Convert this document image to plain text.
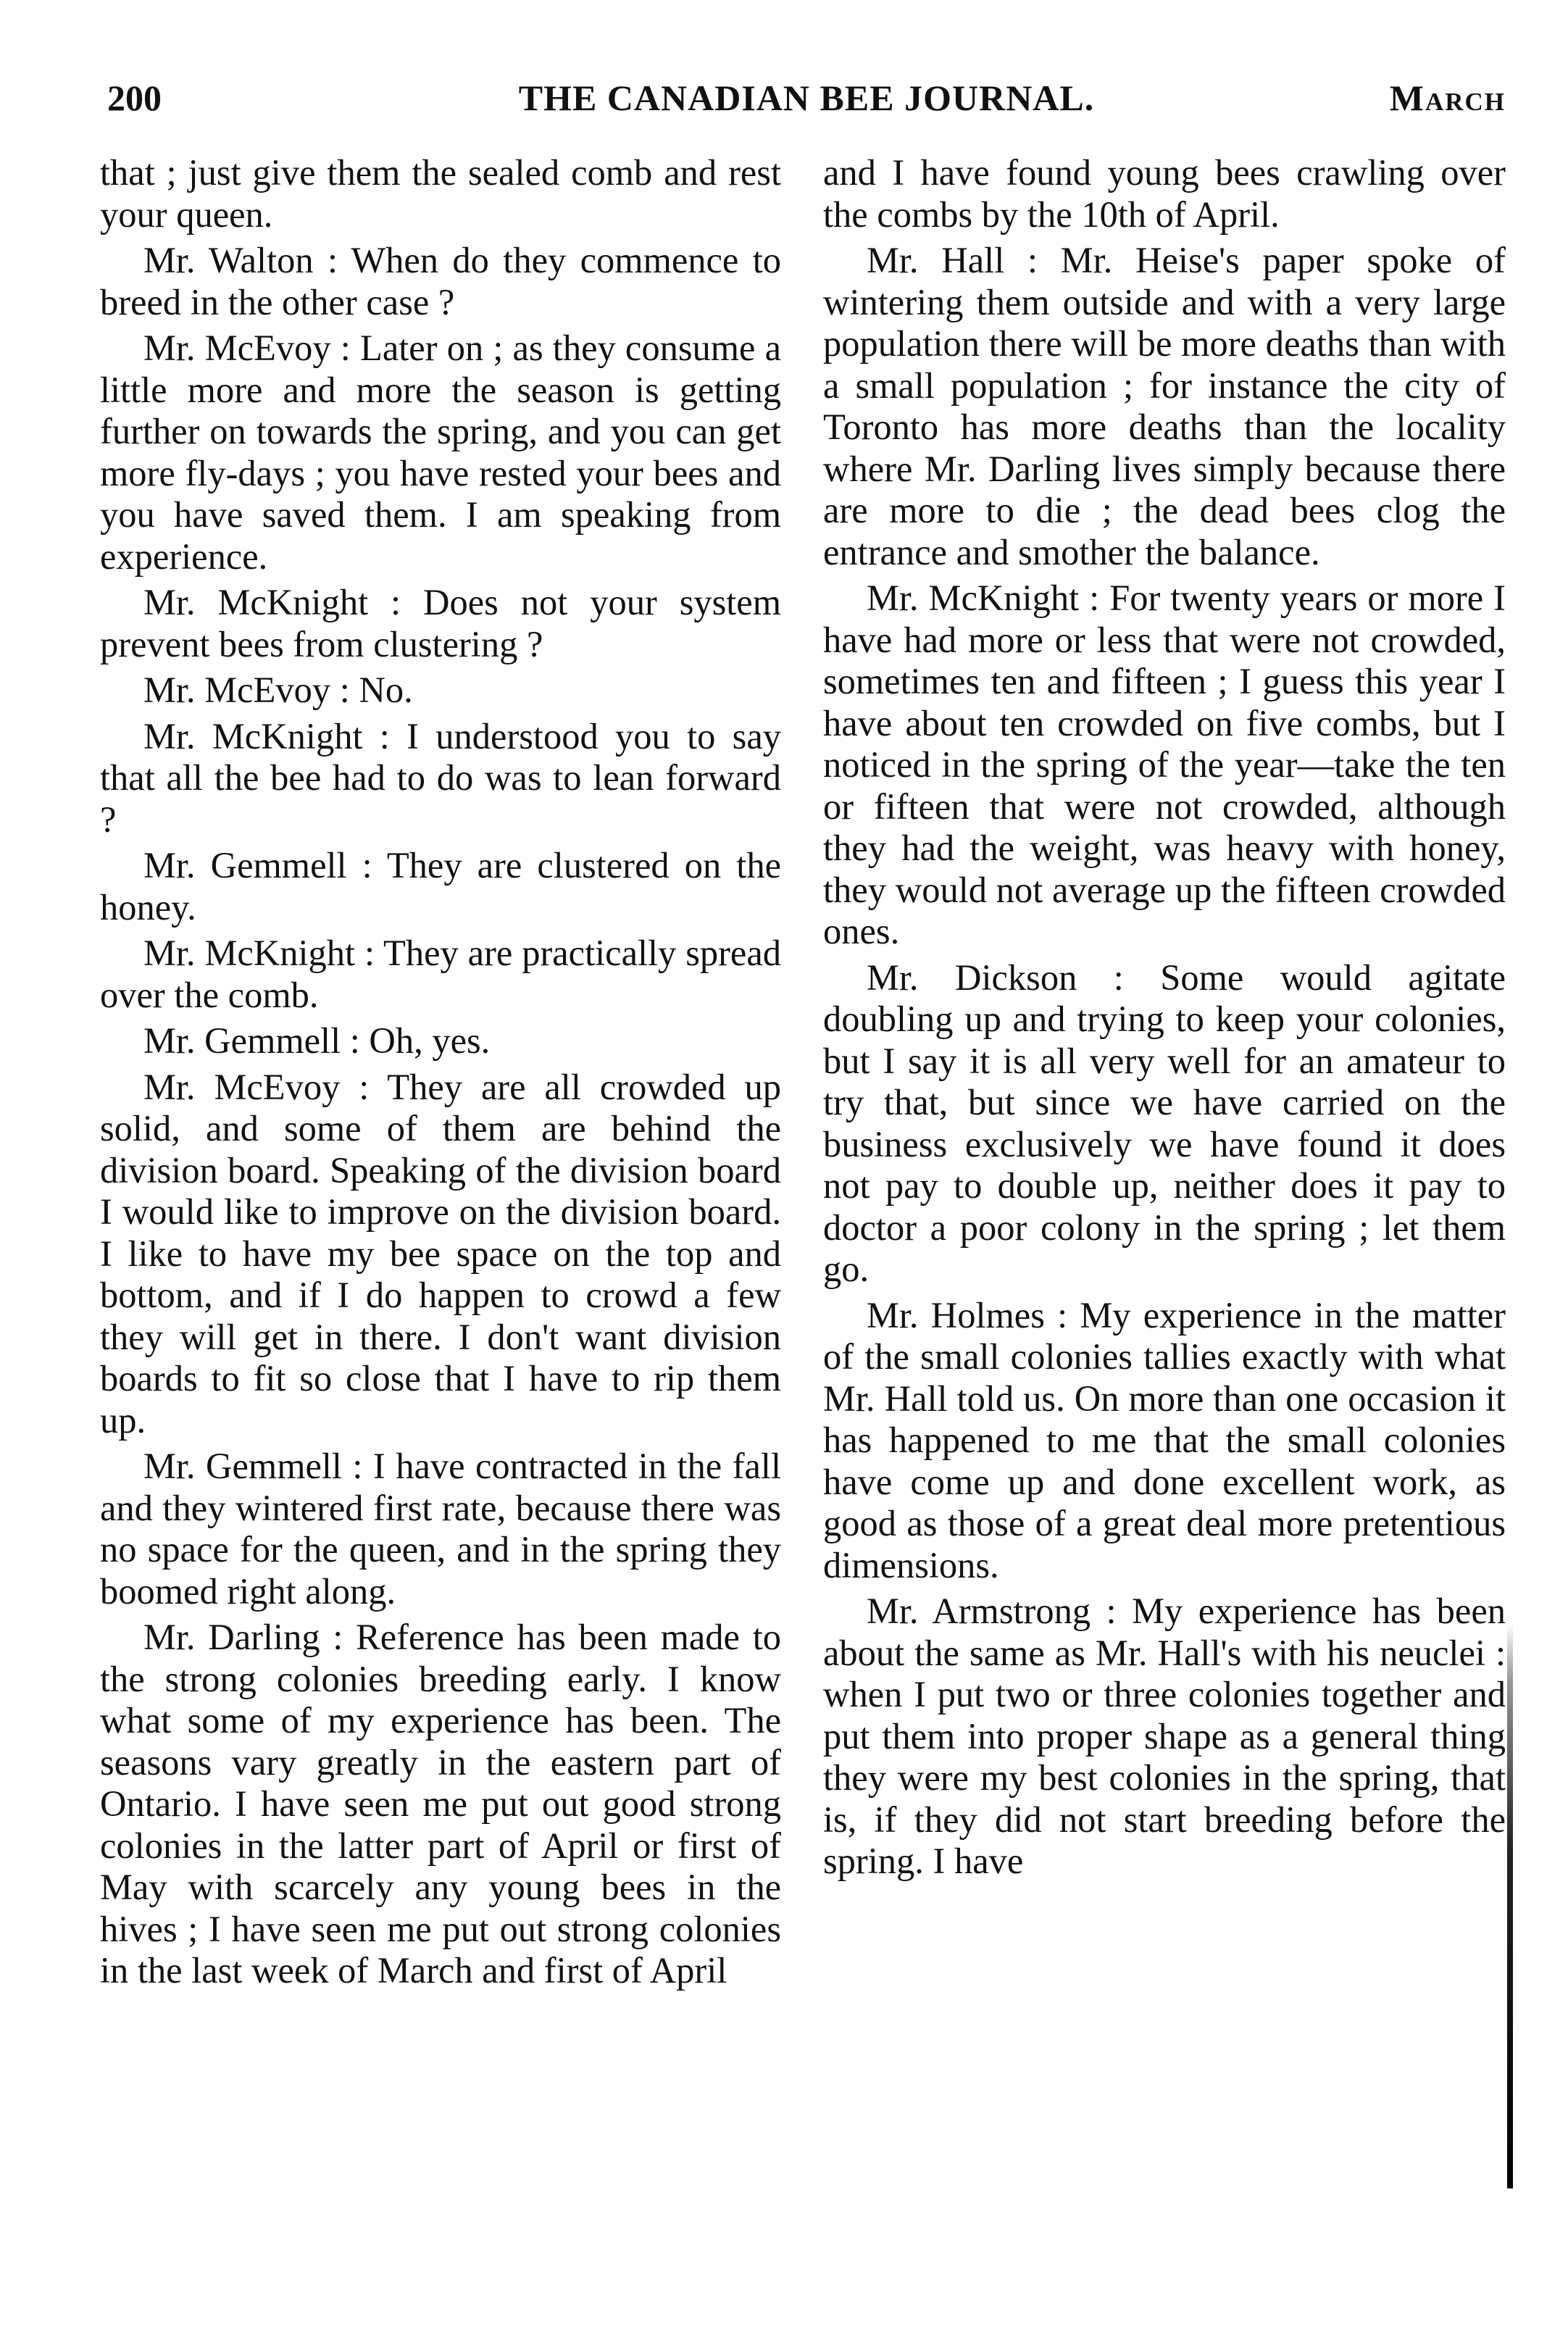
200	THE CANADIAN BEE JOURNAL.	March

that ; just give them the sealed comb and rest your queen.

Mr. Walton : When do they commence to breed in the other case ?

Mr. McEvoy : Later on ; as they consume a little more and more the season is getting further on towards the spring, and you can get more fly-days ; you have rested your bees and you have saved them. I am speaking from experience.

Mr. McKnight : Does not your system prevent bees from clustering ?

Mr. McEvoy : No.

Mr. McKnight : I understood you to say that all the bee had to do was to lean forward ?

Mr. Gemmell : They are clustered on the honey.

Mr. McKnight : They are practically spread over the comb.

Mr. Gemmell : Oh, yes.

Mr. McEvoy : They are all crowded up solid, and some of them are behind the division board. Speaking of the division board I would like to improve on the division board. I like to have my bee space on the top and bottom, and if I do happen to crowd a few they will get in there. I don't want division boards to fit so close that I have to rip them up.

Mr. Gemmell : I have contracted in the fall and they wintered first rate, because there was no space for the queen, and in the spring they boomed right along.

Mr. Darling : Reference has been made to the strong colonies breeding early. I know what some of my experience has been. The seasons vary greatly in the eastern part of Ontario. I have seen me put out good strong colonies in the latter part of April or first of May with scarcely any young bees in the hives ; I have seen me put out strong colonies in the last week of March and first of April

and I have found young bees crawling over the combs by the 10th of April.

Mr. Hall : Mr. Heise's paper spoke of wintering them outside and with a very large population there will be more deaths than with a small population ; for instance the city of Toronto has more deaths than the locality where Mr. Darling lives simply because there are more to die ; the dead bees clog the entrance and smother the balance.

Mr. McKnight : For twenty years or more I have had more or less that were not crowded, sometimes ten and fifteen ; I guess this year I have about ten crowded on five combs, but I noticed in the spring of the year—take the ten or fifteen that were not crowded, although they had the weight, was heavy with honey, they would not average up the fifteen crowded ones.

Mr. Dickson : Some would agitate doubling up and trying to keep your colonies, but I say it is all very well for an amateur to try that, but since we have carried on the business exclusively we have found it does not pay to double up, neither does it pay to doctor a poor colony in the spring ; let them go.

Mr. Holmes : My experience in the matter of the small colonies tallies exactly with what Mr. Hall told us. On more than one occasion it has happened to me that the small colonies have come up and done excellent work, as good as those of a great deal more pretentious dimensions.

Mr. Armstrong : My experience has been about the same as Mr. Hall's with his neuclei : when I put two or three colonies together and put them into proper shape as a general thing they were my best colonies in the spring, that is, if they did not start breeding before the spring. I have
